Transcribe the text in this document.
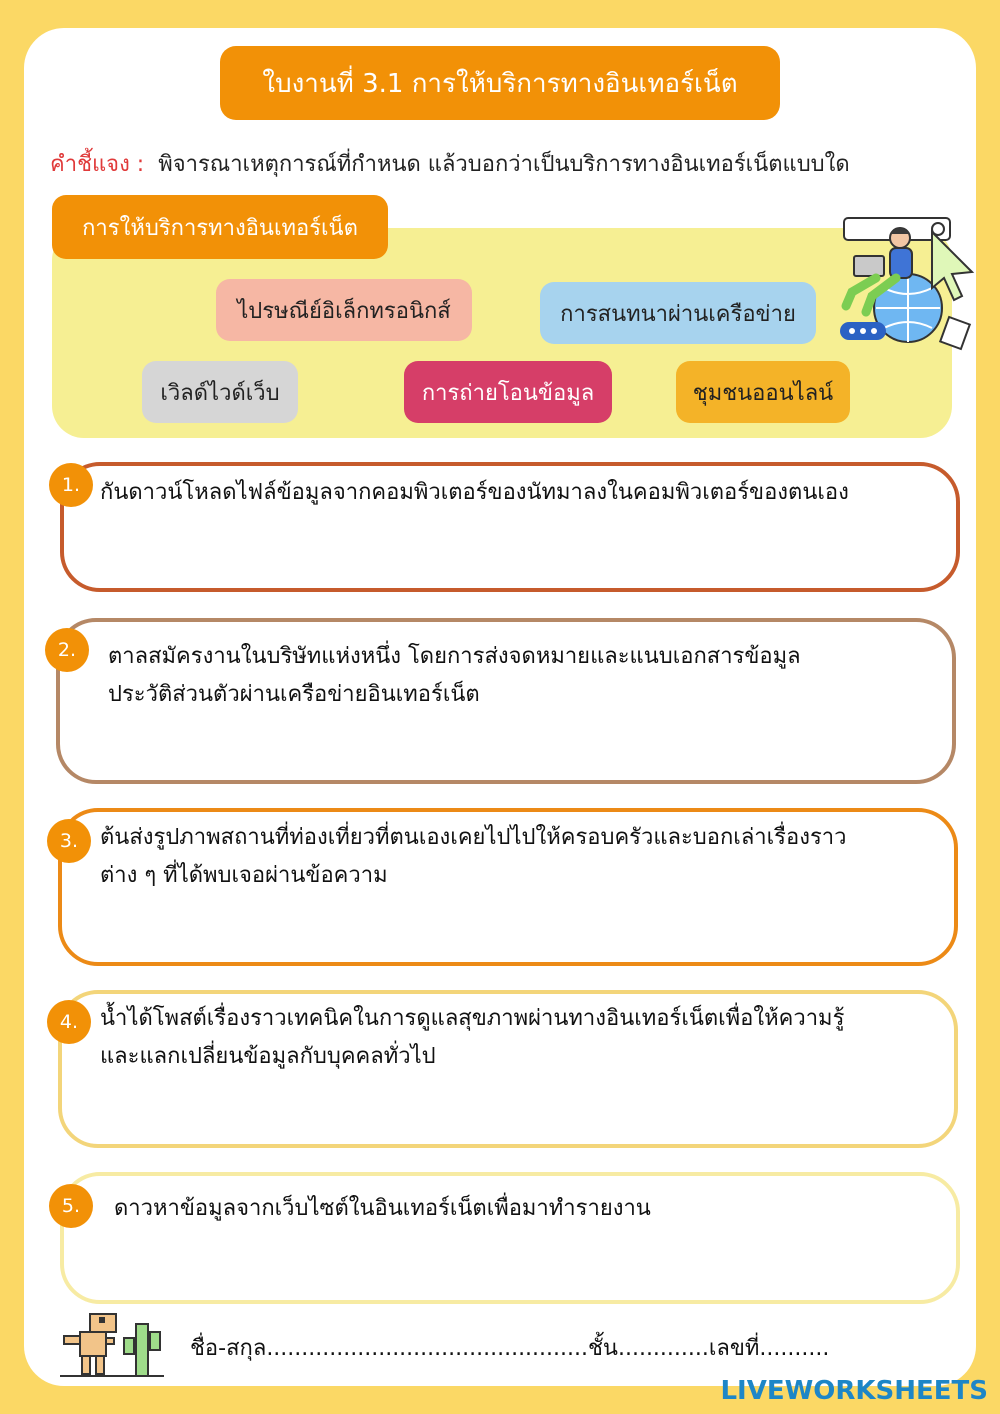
ใบงานที่ 3.1 การให้บริการทางอินเทอร์เน็ต
คำชี้แจง : พิจารณาเหตุการณ์ที่กำหนด แล้วบอกว่าเป็นบริการทางอินเทอร์เน็ตแบบใด
การให้บริการทางอินเทอร์เน็ต
ไปรษณีย์อิเล็กทรอนิกส์	การสนทนาผ่านเครือข่าย
เวิลด์ไวด์เว็บ	การถ่ายโอนข้อมูล	ชุมชนออนไลน์
1. กันดาวน์โหลดไฟล์ข้อมูลจากคอมพิวเตอร์ของนัทมาลงในคอมพิวเตอร์ของตนเอง
2.	ตาลสมัครงานในบริษัทแห่งหนึ่ง โดยการส่งจดหมายและแนบเอกสารข้อมูล
ประวัติส่วนตัวผ่านเครือข่ายอินเทอร์เน็ต
3. ต้นส่งรูปภาพสถานที่ท่องเที่ยวที่ตนเองเคยไปไปให้ครอบครัวและบอกเล่าเรื่องราว
ต่าง ๆ ที่ได้พบเจอผ่านข้อความ
4. น้ำได้โพสต์เรื่องราวเทคนิคในการดูแลสุขภาพผ่านทางอินเทอร์เน็ตเพื่อให้ความรู้
และแลกเปลี่ยนข้อมูลกับบุคคลทั่วไป
5.	ดาวหาข้อมูลจากเว็บไซต์ในอินเทอร์เน็ตเพื่อมาทำรายงาน
ชื่อ-สกุล..............................................ชั้น.............เลขที่..........
LIVEWORKSHEETS
